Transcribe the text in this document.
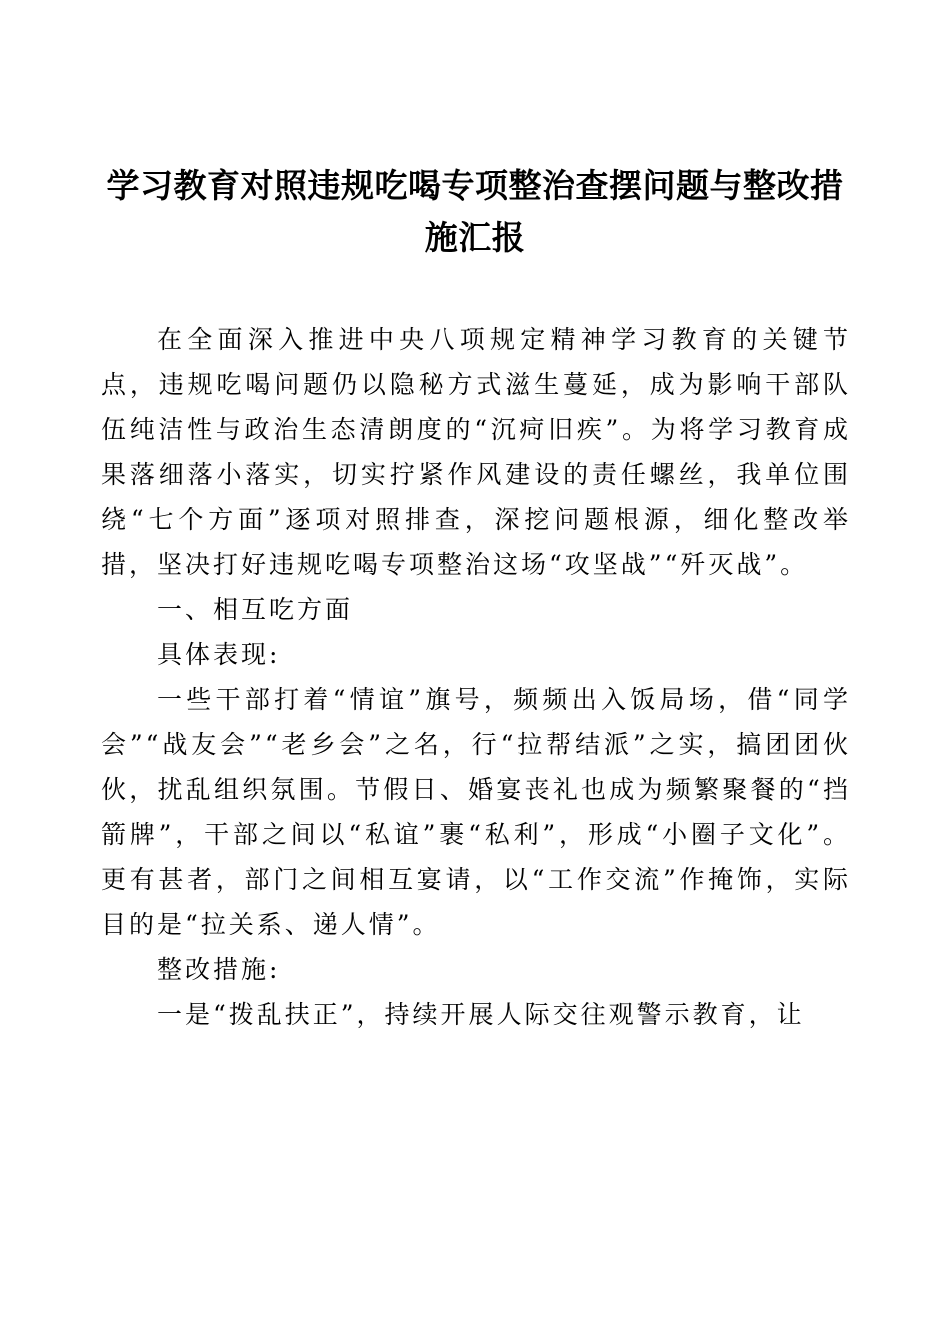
学习教育对照违规吃喝专项整治查摆问题与整改措施汇报

在全面深入推进中央八项规定精神学习教育的关键节点，违规吃喝问题仍以隐秘方式滋生蔓延，成为影响干部队伍纯洁性与政治生态清朗度的“沉疴旧疾”。为将学习教育成果落细落小落实，切实拧紧作风建设的责任螺丝，我单位围绕“七个方面”逐项对照排查，深挖问题根源，细化整改举措，坚决打好违规吃喝专项整治这场“攻坚战”“歼灭战”。

一、相互吃方面

具体表现:

一些干部打着“情谊”旗号，频频出入饭局场，借“同学会”“战友会”“老乡会”之名，行“拉帮结派”之实，搞团团伙伙，扰乱组织氛围。节假日、婚宴丧礼也成为频繁聚餐的“挡箭牌”，干部之间以“私谊”裹“私利”，形成“小圈子文化”。更有甚者，部门之间相互宴请，以“工作交流”作掩饰，实际目的是“拉关系、递人情”。

整改措施:

一是“拨乱扶正”，持续开展人际交往观警示教育，让
